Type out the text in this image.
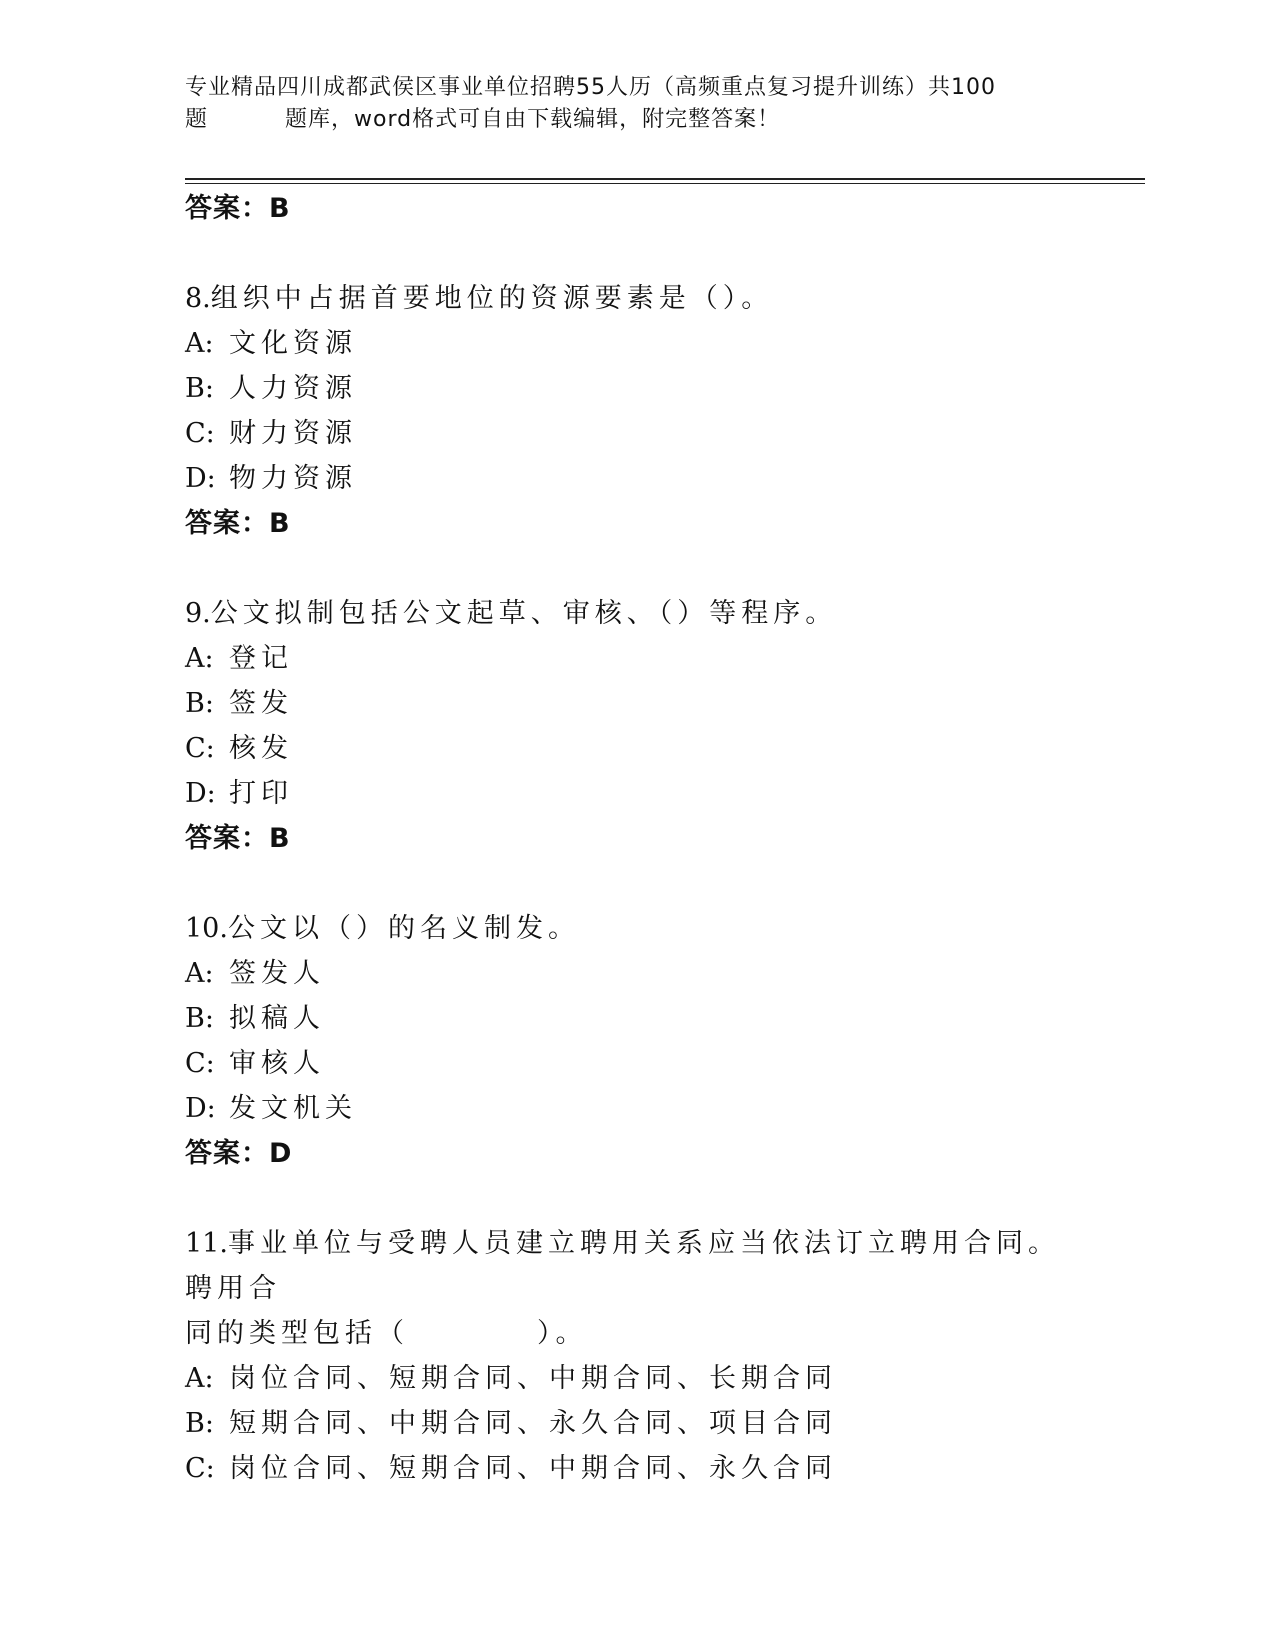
专业精品四川成都武侯区事业单位招聘55人历（高频重点复习提升训练）共100
题	题库，word格式可自由下载编辑，附完整答案！
答案：B
8.组织中占据首要地位的资源要素是（）。
A: 文化资源
B: 人力资源
C: 财力资源
D: 物力资源
答案：B
9.公文拟制包括公文起草、审核、（）等程序。
A: 登记
B: 签发
C: 核发
D: 打印
答案：B
10.公文以（）的名义制发。
A: 签发人
B: 拟稿人
C: 审核人
D: 发文机关
答案：D
11.事业单位与受聘人员建立聘用关系应当依法订立聘用合同。聘用合
同的类型包括（　　　　）。
A: 岗位合同、短期合同、中期合同、长期合同
B: 短期合同、中期合同、永久合同、项目合同
C: 岗位合同、短期合同、中期合同、永久合同
